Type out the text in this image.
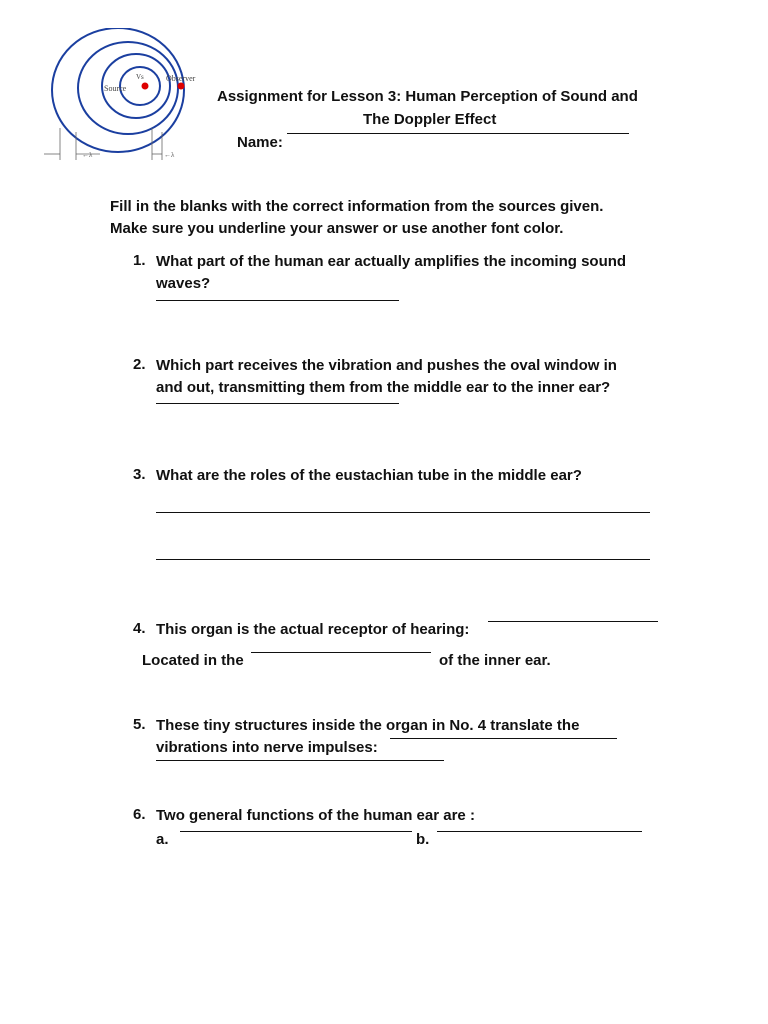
Source
Observer
Vs
←λ	←λ
Assignment for Lesson 3: Human Perception of Sound and
The Doppler Effect
Name:
Fill in the blanks with the correct information from the sources given.
Make sure you underline your answer or use another font color.
1. What part of the human ear actually amplifies the incoming sound
waves?
2. Which part receives the vibration and pushes the oval window in
and out, transmitting them from the middle ear to the inner ear?
3. What are the roles of the eustachian tube in the middle ear?
4. This organ is the actual receptor of hearing:
Located in the	of the inner ear.
5. These tiny structures inside the organ in No. 4 translate the
vibrations into nerve impulses:
6. Two general functions of the human ear are :
a.	b.
